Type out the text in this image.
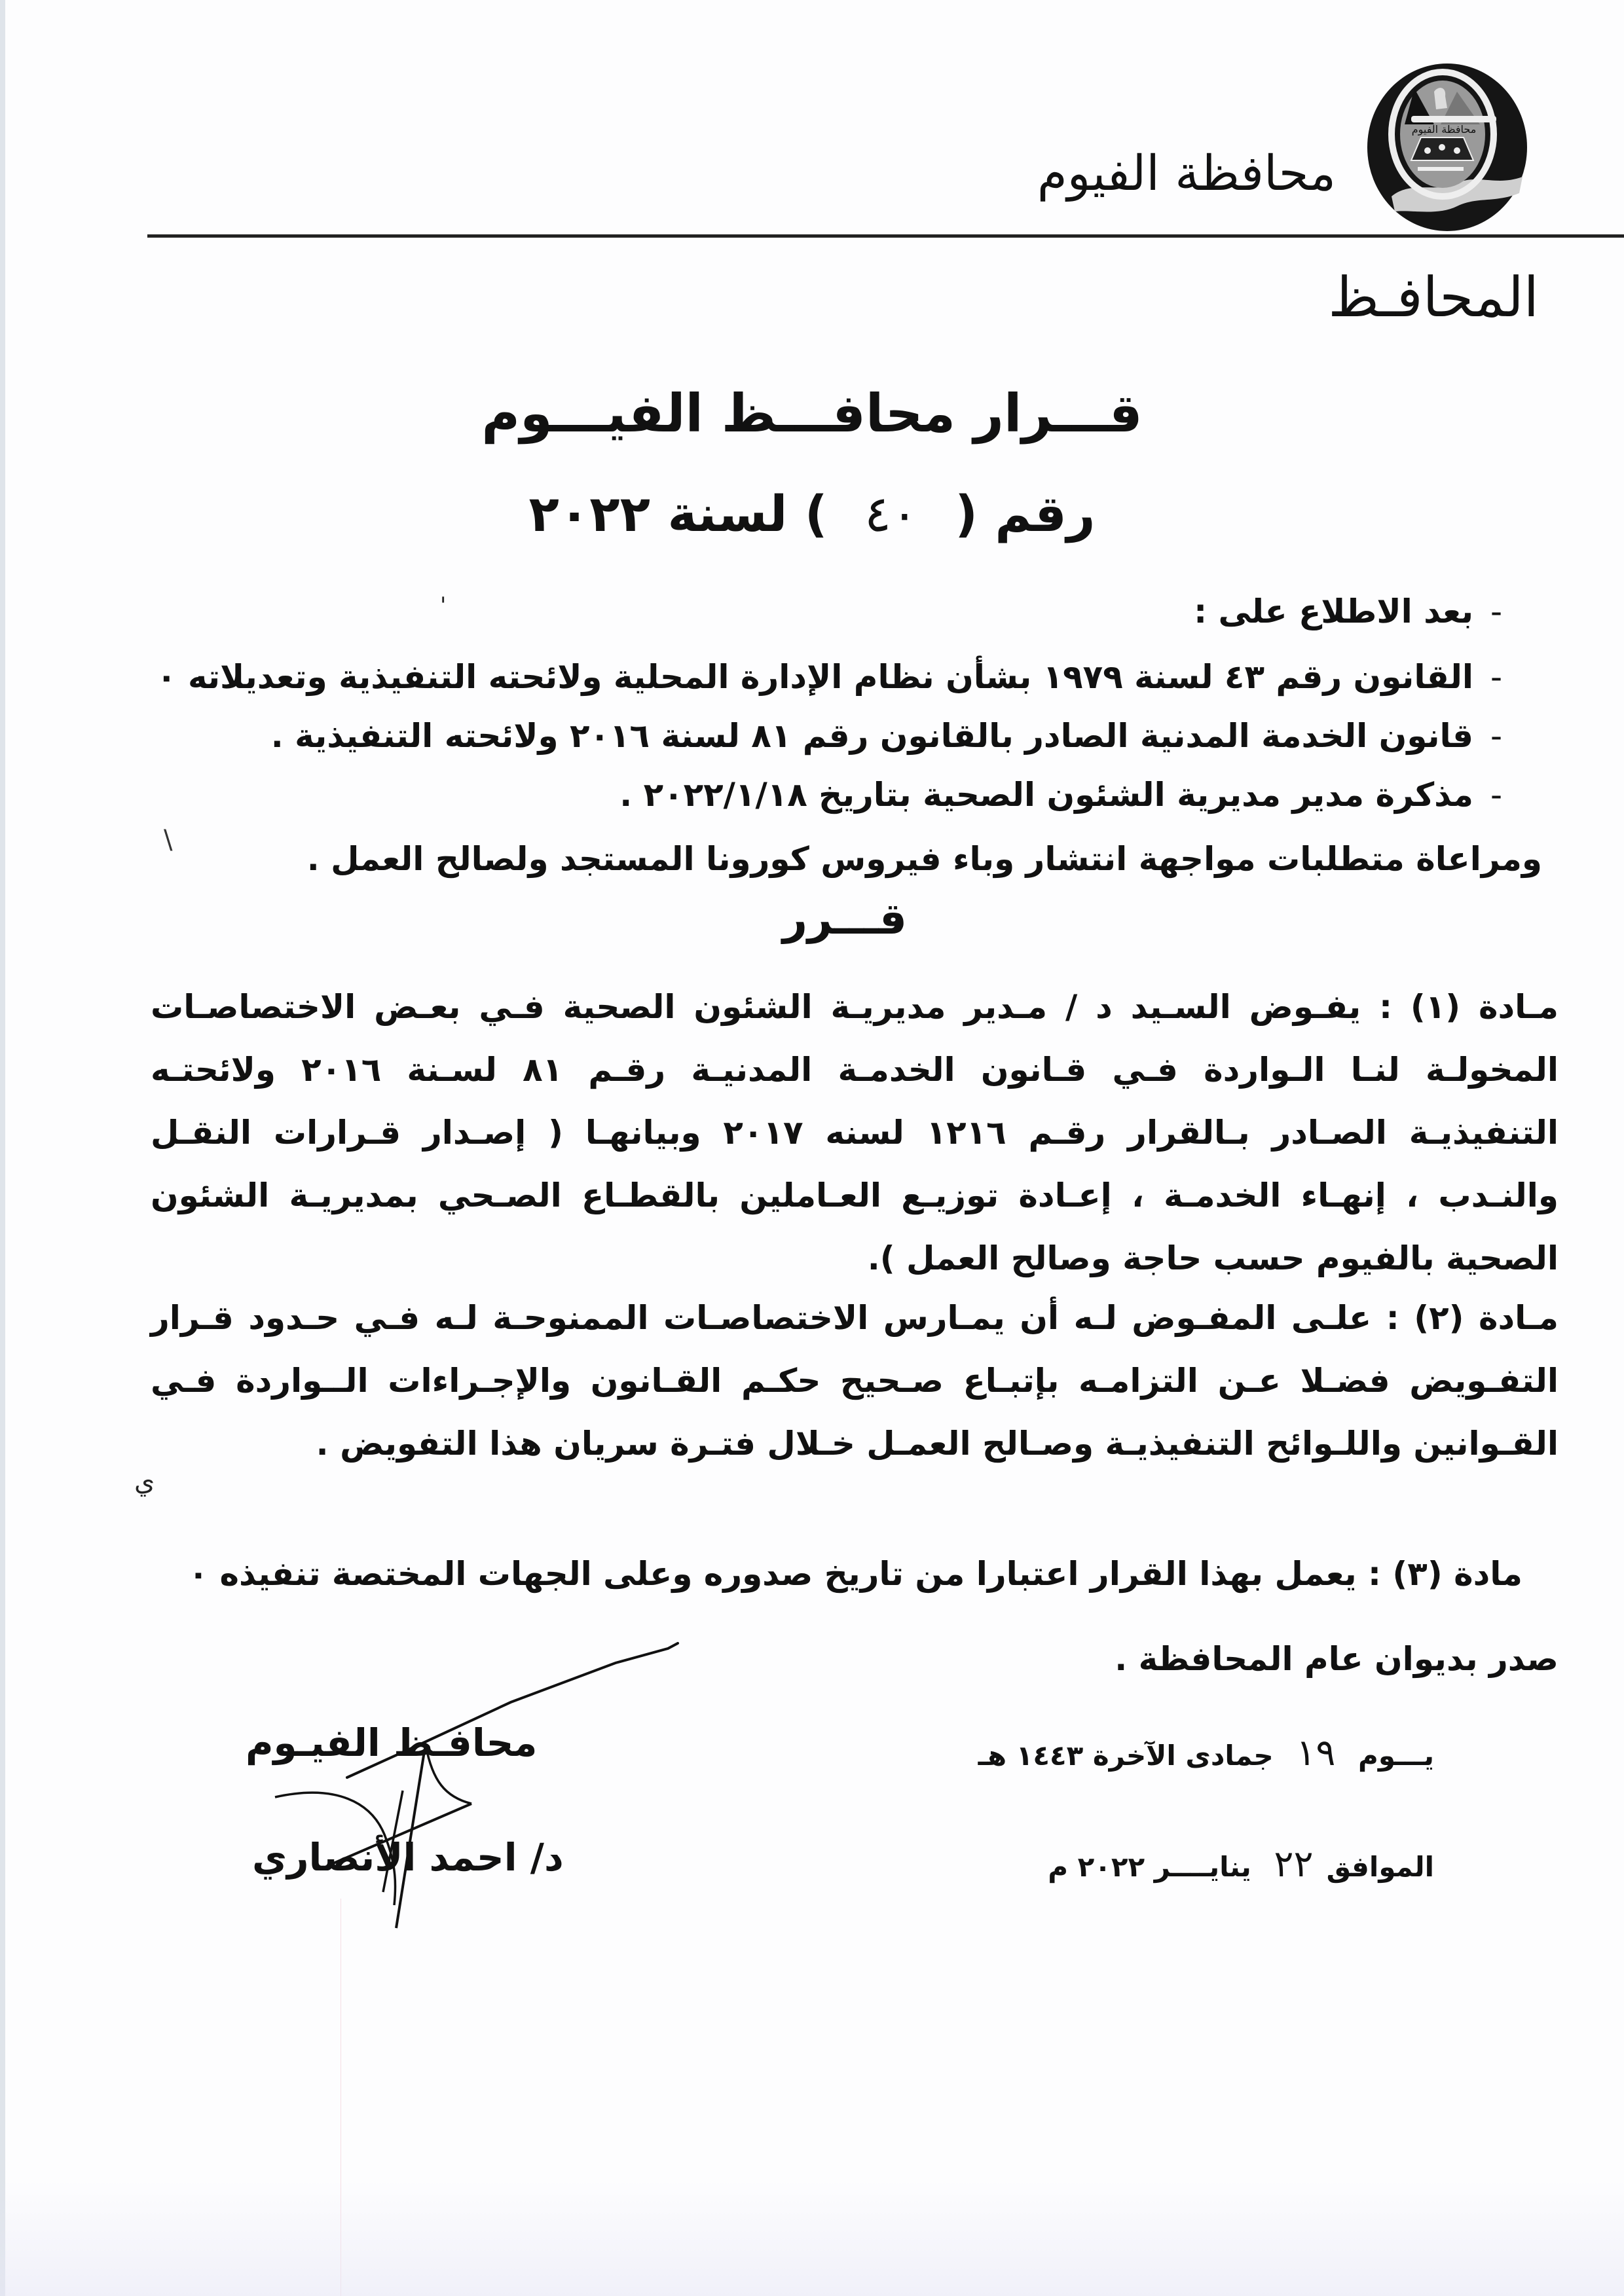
محافظة الفيوم
محافظة الفيوم
المحافـظ
قـــرار محافـــظ الفيـــوم
رقم ( ٤٠ ) لسنة ٢٠٢٢
'	-بعد الاطلاع على :
-القانون رقم ٤٣ لسنة ١٩٧٩ بشأن نظام الإدارة المحلية ولائحته التنفيذية وتعديلاته ٠
-قانون الخدمة المدنية الصادر بالقانون رقم ٨١ لسنة ٢٠١٦ ولائحته التنفيذية .
-مذكرة مدير مديرية الشئون الصحية بتاريخ ٢٠٢٢/١/١٨ .
\	ومراعاة متطلبات مواجهة انتشار وباء فيروس كورونا المستجد ولصالح العمل .
قـــرر

مـادة (١) : يفـوض السـيد د / مـدير مديريـة الشئون الصحية فـي بعـض الاختصاصـات المخولـة لنـا الـواردة فـي قـانون الخدمـة المدنيـة رقـم ٨١ لسـنة ٢٠١٦ ولائحتـه التنفيذيـة الصـادر بـالقرار رقـم ١٢١٦ لسنه ٢٠١٧ وبيانهـا ( إصـدار قـرارات النقـل والنـدب ، إنهـاء الخدمـة ، إعـادة توزيـع العـاملين بالقطـاع الصـحي بمديريـة الشئون الصحية بالفيوم حسب حاجة وصالح العمل ).

مـادة (٢) : علـى المفـوض لـه أن يمـارس الاختصاصـات الممنوحـة لـه فـي حـدود قـرار التفـويض فضـلا عـن التزامـه بإتبـاع صـحيح حكـم القـانون والإجـراءات الــواردة فـي القـوانين واللـوائح التنفيذيـة وصـالح العمـل خـلال فتـرة سريان هذا التفويض .

ي
مادة (٣) : يعمل بهذا القرار اعتبارا من تاريخ صدوره وعلى الجهات المختصة تنفيذه ٠
صدر بديوان عام المحافظة .
يـــوم ١٩ جمادى الآخرة ١٤٤٣ هـ
الموافق٢٢ ينايــــر ٢٠٢٢ م
محافـظ الفيـوم
د/ احمد الأنصاري
